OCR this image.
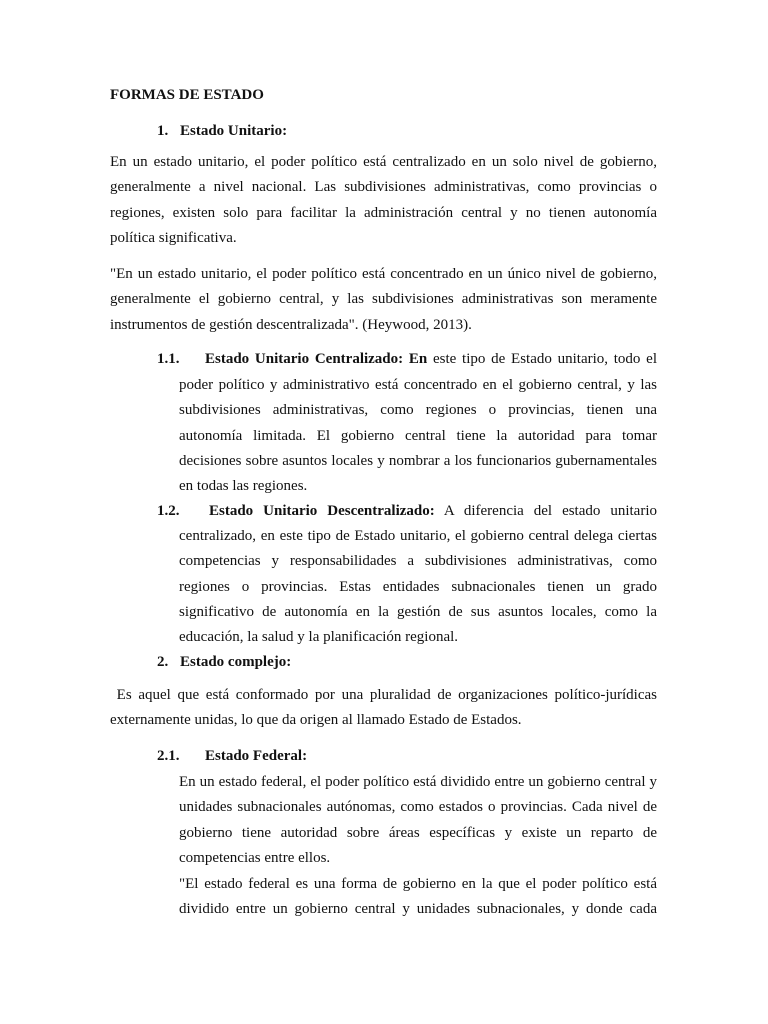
FORMAS DE ESTADO
1. Estado Unitario:
En un estado unitario, el poder político está centralizado en un solo nivel de gobierno, generalmente a nivel nacional. Las subdivisiones administrativas, como provincias o regiones, existen solo para facilitar la administración central y no tienen autonomía política significativa.
"En un estado unitario, el poder político está concentrado en un único nivel de gobierno, generalmente el gobierno central, y las subdivisiones administrativas son meramente instrumentos de gestión descentralizada". (Heywood, 2013).
1.1. Estado Unitario Centralizado: En este tipo de Estado unitario, todo el
poder político y administrativo está concentrado en el gobierno central, y las subdivisiones administrativas, como regiones o provincias, tienen una autonomía limitada. El gobierno central tiene la autoridad para tomar decisiones sobre asuntos locales y nombrar a los funcionarios gubernamentales en todas las regiones.
1.2. Estado Unitario Descentralizado: A diferencia del estado unitario
centralizado, en este tipo de Estado unitario, el gobierno central delega ciertas competencias y responsabilidades a subdivisiones administrativas, como regiones o provincias. Estas entidades subnacionales tienen un grado significativo de autonomía en la gestión de sus asuntos locales, como la educación, la salud y la planificación regional.
2. Estado complejo:
Es aquel que está conformado por una pluralidad de organizaciones político-jurídicas externamente unidas, lo que da origen al llamado Estado de Estados.
2.1. Estado Federal:
En un estado federal, el poder político está dividido entre un gobierno central y unidades subnacionales autónomas, como estados o provincias. Cada nivel de gobierno tiene autoridad sobre áreas específicas y existe un reparto de competencias entre ellos.
"El estado federal es una forma de gobierno en la que el poder político está dividido entre un gobierno central y unidades subnacionales, y donde cada
